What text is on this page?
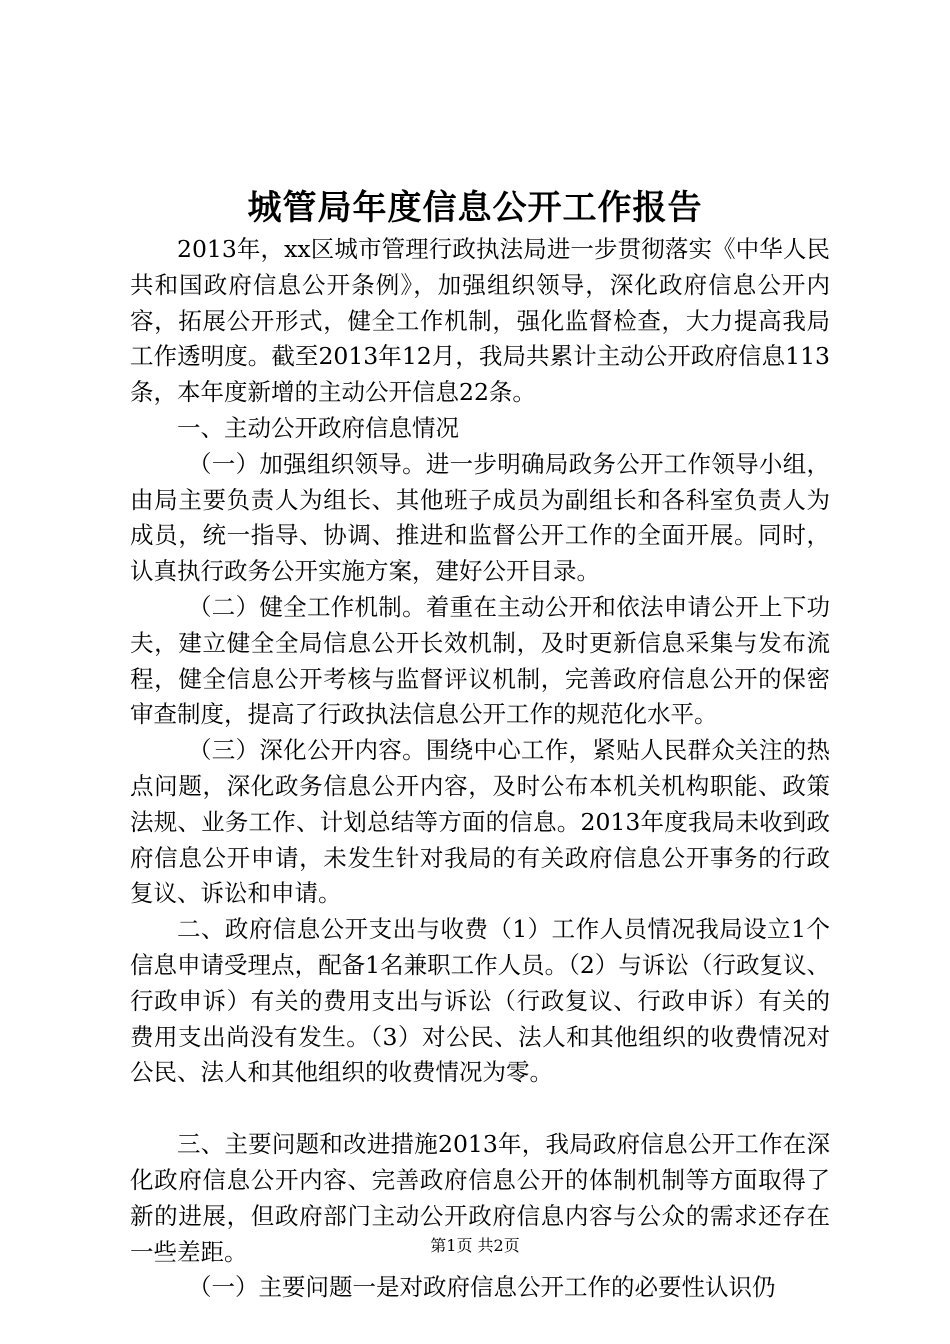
城管局年度信息公开工作报告

2013年，xx区城市管理行政执法局进一步贯彻落实《中华人民共和国政府信息公开条例》，加强组织领导，深化政府信息公开内容，拓展公开形式，健全工作机制，强化监督检查，大力提高我局工作透明度。截至2013年12月，我局共累计主动公开政府信息113条，本年度新增的主动公开信息22条。

一、主动公开政府信息情况

（一）加强组织领导。进一步明确局政务公开工作领导小组，由局主要负责人为组长、其他班子成员为副组长和各科室负责人为成员，统一指导、协调、推进和监督公开工作的全面开展。同时，认真执行政务公开实施方案，建好公开目录。

（二）健全工作机制。着重在主动公开和依法申请公开上下功夫，建立健全全局信息公开长效机制，及时更新信息采集与发布流程，健全信息公开考核与监督评议机制，完善政府信息公开的保密审查制度，提高了行政执法信息公开工作的规范化水平。

（三）深化公开内容。围绕中心工作，紧贴人民群众关注的热点问题，深化政务信息公开内容，及时公布本机关机构职能、政策法规、业务工作、计划总结等方面的信息。2013年度我局未收到政府信息公开申请，未发生针对我局的有关政府信息公开事务的行政复议、诉讼和申请。

二、政府信息公开支出与收费（1）工作人员情况我局设立1个信息申请受理点，配备1名兼职工作人员。（2）与诉讼（行政复议、行政申诉）有关的费用支出与诉讼（行政复议、行政申诉）有关的费用支出尚没有发生。（3）对公民、法人和其他组织的收费情况对公民、法人和其他组织的收费情况为零。

三、主要问题和改进措施2013年，我局政府信息公开工作在深化政府信息公开内容、完善政府信息公开的体制机制等方面取得了新的进展，但政府部门主动公开政府信息内容与公众的需求还存在一些差距。

（一）主要问题一是对政府信息公开工作的必要性认识仍

第1页 共2页
